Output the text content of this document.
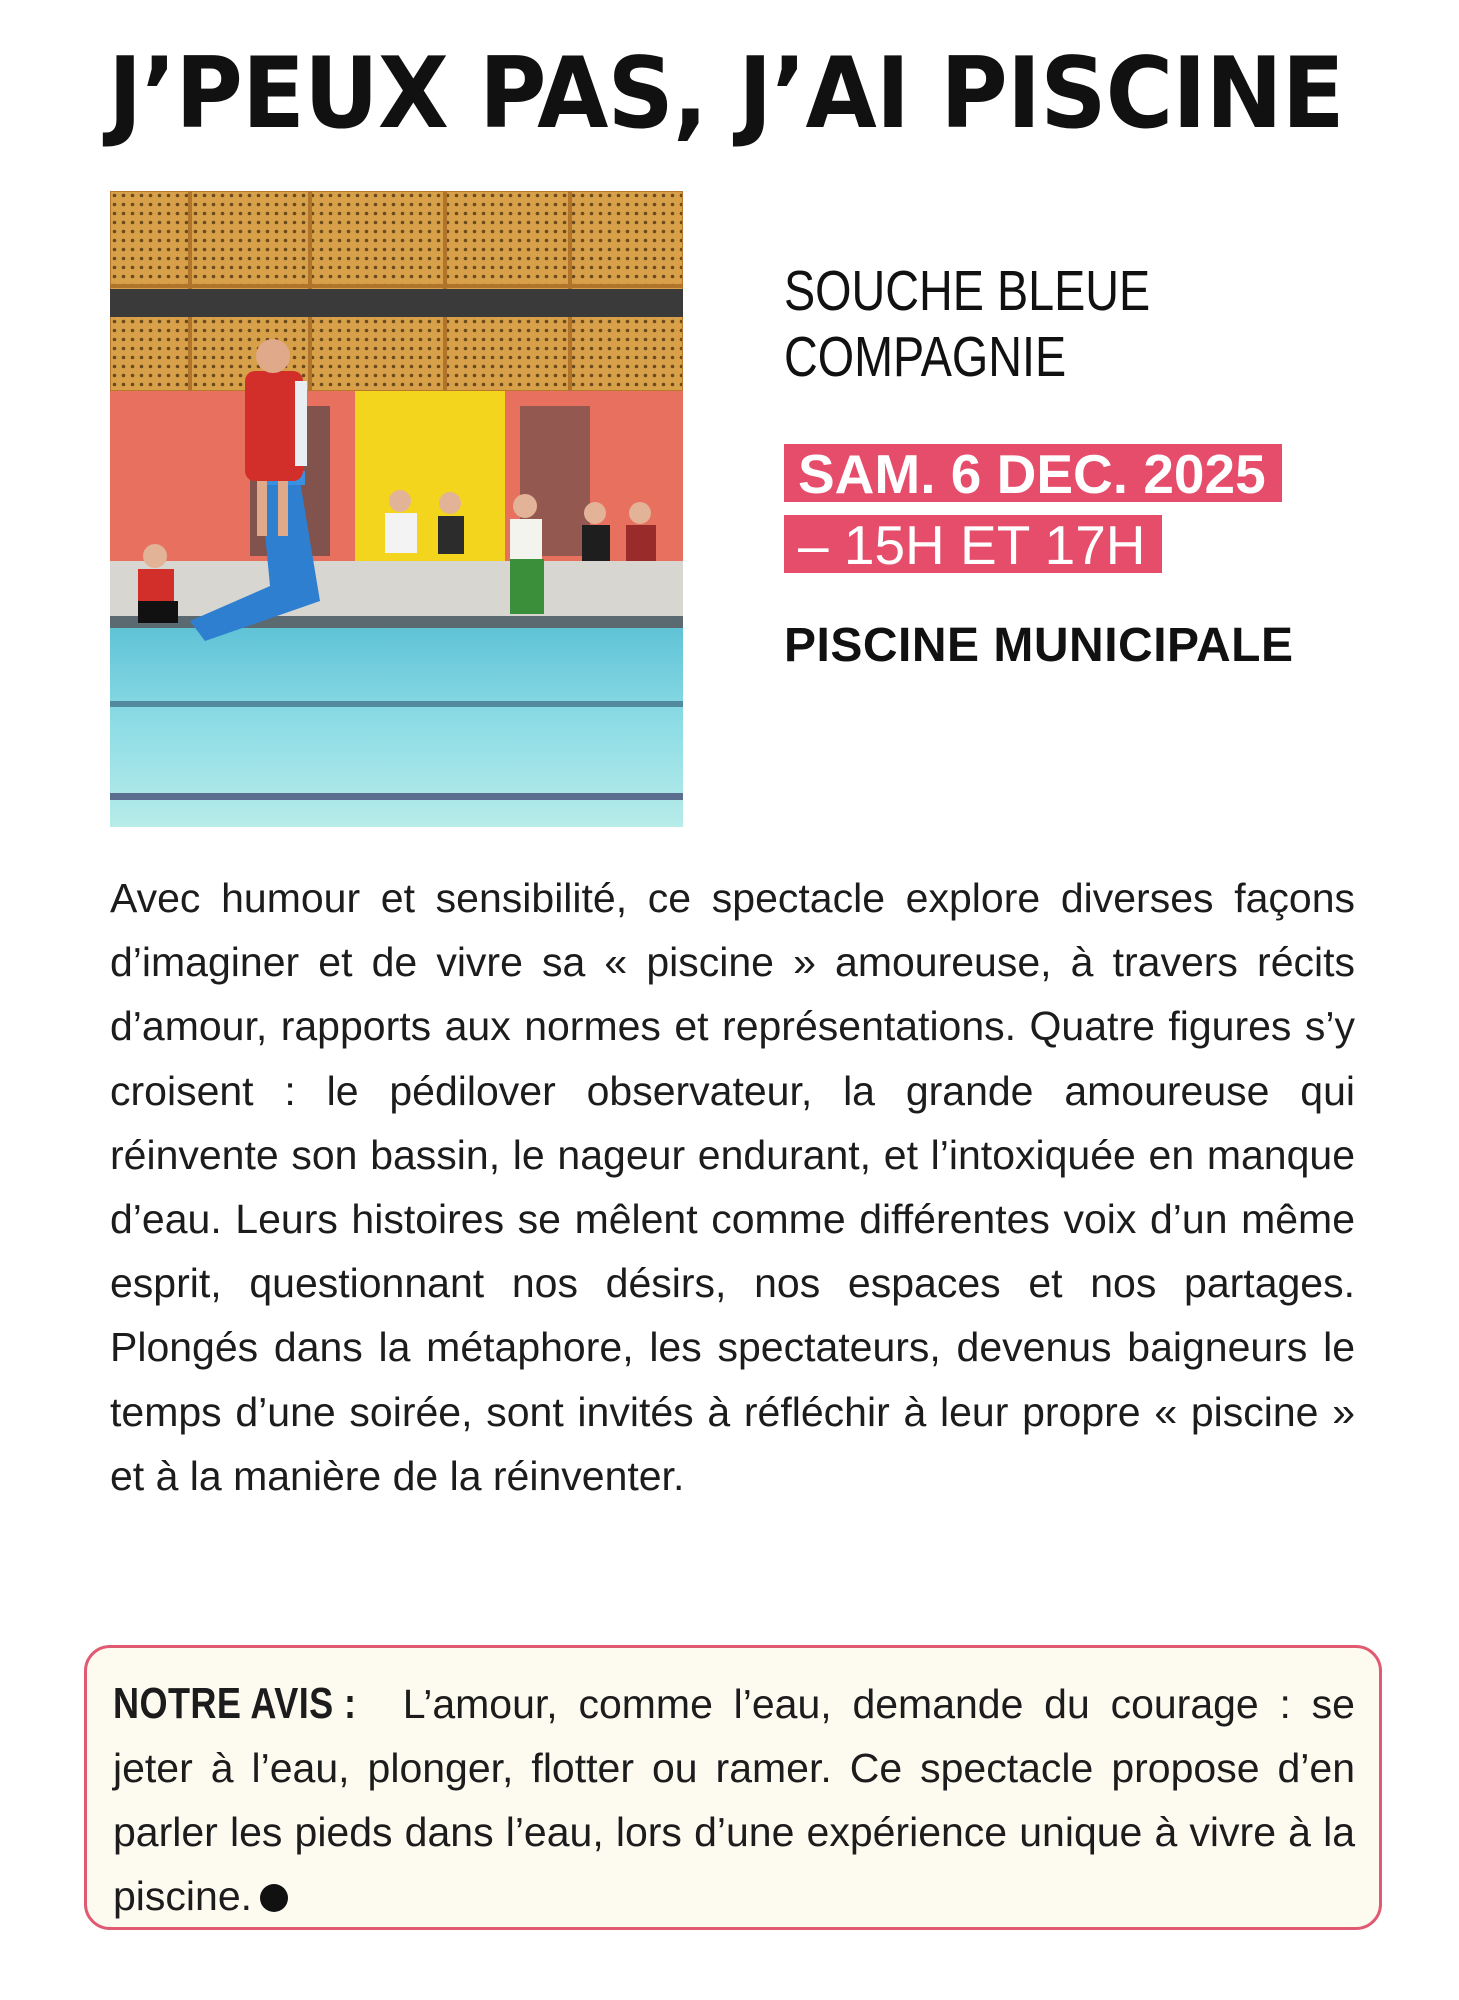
J’PEUX PAS, J’AI PISCINE
SOUCHE BLEUE
COMPAGNIE
SAM. 6 DEC. 2025
– 15H ET 17H
PISCINE MUNICIPALE

Avec humour et sensibilité, ce spectacle explore diverses façons d’imaginer et de vivre sa « piscine » amoureuse, à travers récits d’amour, rapports aux normes et représentations. Quatre figures s’y croisent : le pédilover observateur, la grande amoureuse qui réinvente son bassin, le nageur endurant, et l’intoxiquée en manque d’eau. Leurs histoires se mêlent comme différentes voix d’un même esprit, questionnant nos désirs, nos espaces et nos partages. Plongés dans la métaphore, les spectateurs, devenus baigneurs le temps d’une soirée, sont invités à réfléchir à leur propre « piscine » et à la manière de la réinventer.

NOTRE AVIS : L’amour, comme l’eau, demande du courage : se jeter à l’eau, plonger, flotter ou ramer. Ce spectacle propose d’en parler les pieds dans l’eau, lors d’une expérience unique à vivre à la piscine.
